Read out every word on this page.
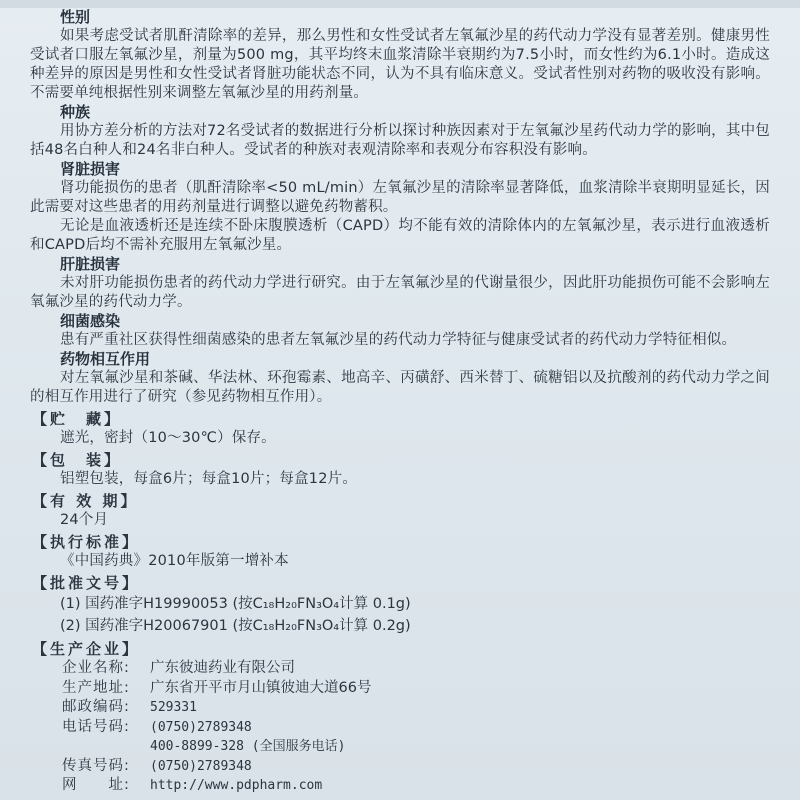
性别
如果考虑受试者肌酐清除率的差异，那么男性和女性受试者左氧氟沙星的药代动力学没有显著差别。健康男性受试者口服左氧氟沙星，剂量为500 mg，其平均终末血浆清除半衰期约为7.5小时，而女性约为6.1小时。造成这种差异的原因是男性和女性受试者肾脏功能状态不同，认为不具有临床意义。受试者性别对药物的吸收没有影响。不需要单纯根据性别来调整左氧氟沙星的用药剂量。
种族
用协方差分析的方法对72名受试者的数据进行分析以探讨种族因素对于左氧氟沙星药代动力学的影响，其中包括48名白种人和24名非白种人。受试者的种族对表观清除率和表观分布容积没有影响。
肾脏损害
肾功能损伤的患者（肌酐清除率<50 mL/min）左氧氟沙星的清除率显著降低，血浆清除半衰期明显延长，因此需要对这些患者的用药剂量进行调整以避免药物蓄积。
无论是血液透析还是连续不卧床腹膜透析（CAPD）均不能有效的清除体内的左氧氟沙星，表示进行血液透析和CAPD后均不需补充服用左氧氟沙星。
肝脏损害
未对肝功能损伤患者的药代动力学进行研究。由于左氧氟沙星的代谢量很少，因此肝功能损伤可能不会影响左氧氟沙星的药代动力学。
细菌感染
患有严重社区获得性细菌感染的患者左氧氟沙星的药代动力学特征与健康受试者的药代动力学特征相似。
药物相互作用
对左氧氟沙星和茶碱、华法林、环孢霉素、地高辛、丙磺舒、西米替丁、硫糖铝以及抗酸剂的药代动力学之间的相互作用进行了研究（参见药物相互作用）。
【贮　藏】
遮光，密封（10～30℃）保存。
【包　装】
铝塑包装，每盒6片；每盒10片；每盒12片。
【有 效 期】
24个月
【执行标准】
《中国药典》2010年版第一增补本
【批准文号】
(1) 国药准字H19990053 (按C₁₈H₂₀FN₃O₄计算 0.1g)
(2) 国药准字H20067901 (按C₁₈H₂₀FN₃O₄计算 0.2g)
【生产企业】
企业名称: 广东彼迪药业有限公司
生产地址: 广东省开平市月山镇彼迪大道66号
邮政编码: 529331
电话号码: (0750)2789348
400-8899-328 (全国服务电话)
传真号码: (0750)2789348
网　　址: http://www.pdpharm.com
